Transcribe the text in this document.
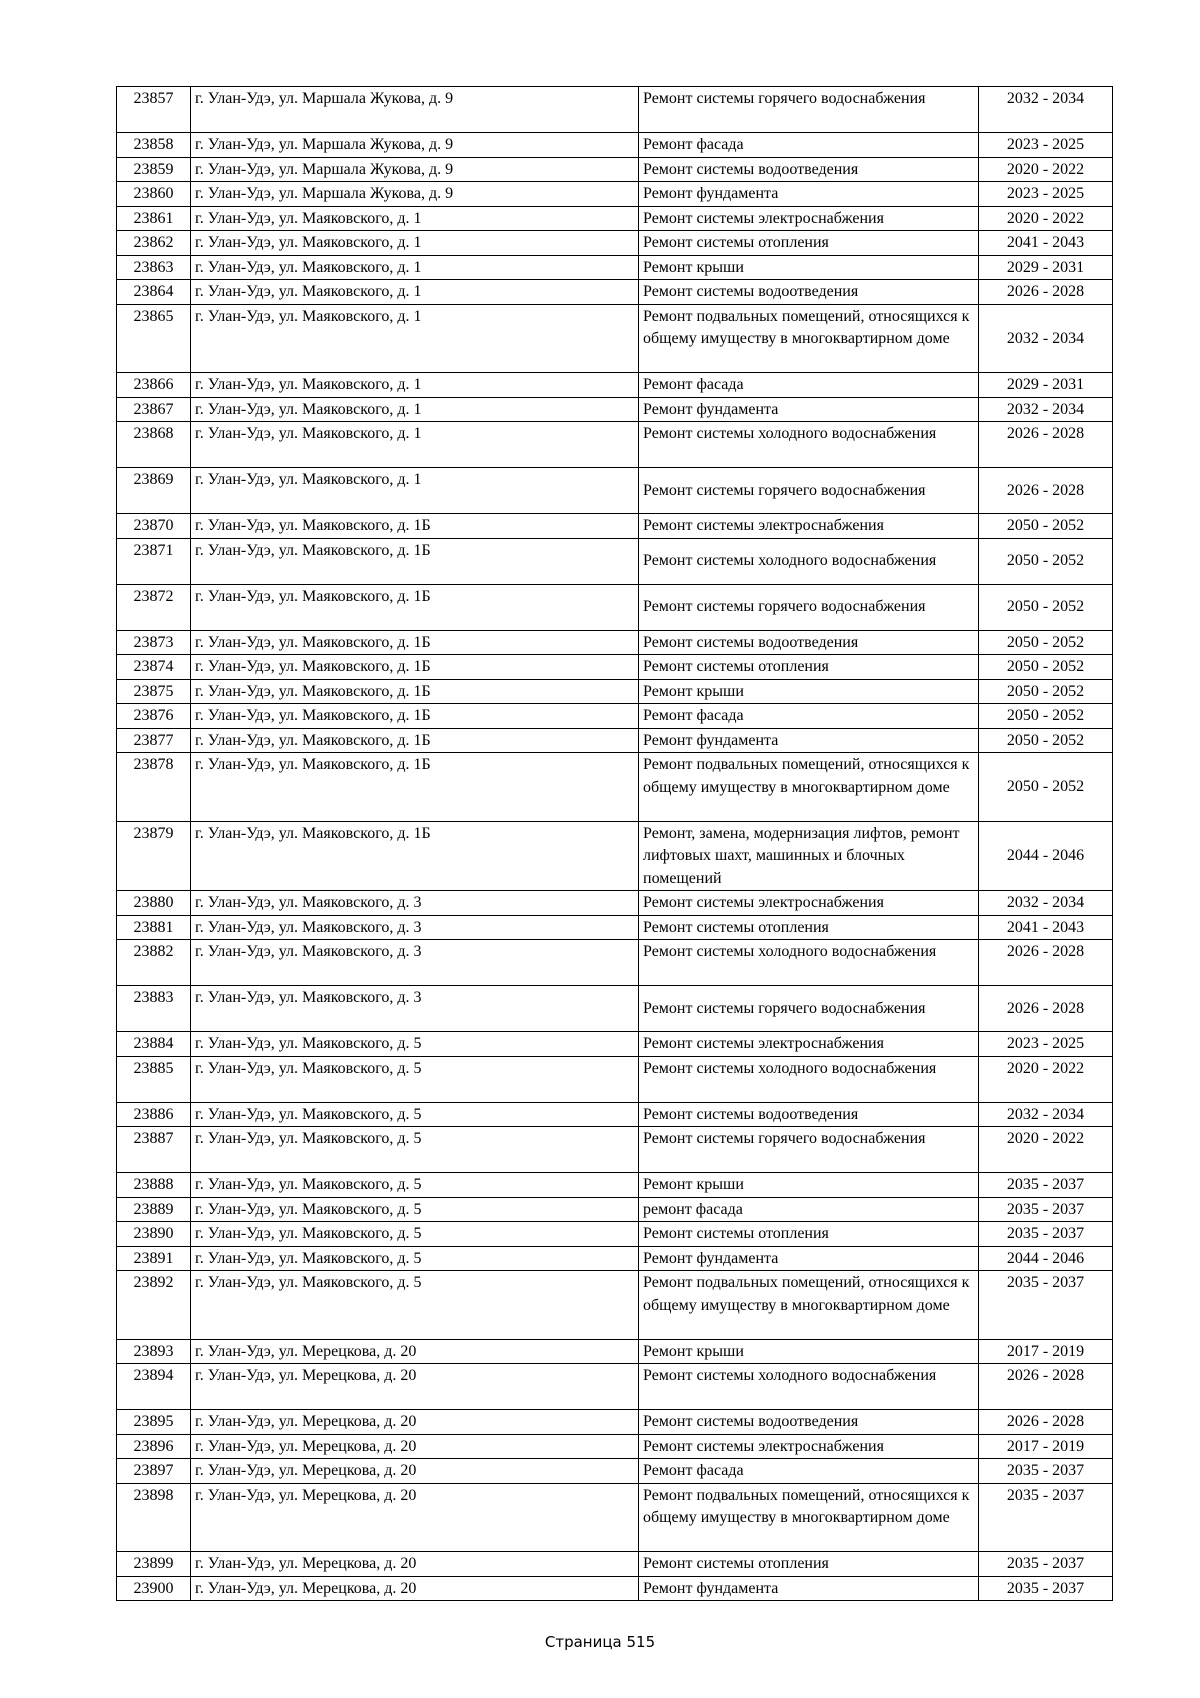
23857	г. Улан-Удэ, ул. Маршала Жукова, д. 9	Ремонт системы горячего водоснабжения	2032 - 2034
23858	г. Улан-Удэ, ул. Маршала Жукова, д. 9	Ремонт фасада	2023 - 2025
23859	г. Улан-Удэ, ул. Маршала Жукова, д. 9	Ремонт системы водоотведения	2020 - 2022
23860	г. Улан-Удэ, ул. Маршала Жукова, д. 9	Ремонт фундамента	2023 - 2025
23861	г. Улан-Удэ, ул. Маяковского, д. 1	Ремонт системы электроснабжения	2020 - 2022
23862	г. Улан-Удэ, ул. Маяковского, д. 1	Ремонт системы отопления	2041 - 2043
23863	г. Улан-Удэ, ул. Маяковского, д. 1	Ремонт крыши	2029 - 2031
23864	г. Улан-Удэ, ул. Маяковского, д. 1	Ремонт системы водоотведения	2026 - 2028
23865	г. Улан-Удэ, ул. Маяковского, д. 1	Ремонт подвальных помещений, относящихся к общему имуществу в многоквартирном доме	2032 - 2034
23866	г. Улан-Удэ, ул. Маяковского, д. 1	Ремонт фасада	2029 - 2031
23867	г. Улан-Удэ, ул. Маяковского, д. 1	Ремонт фундамента	2032 - 2034
23868	г. Улан-Удэ, ул. Маяковского, д. 1	Ремонт системы холодного водоснабжения	2026 - 2028
23869	г. Улан-Удэ, ул. Маяковского, д. 1	Ремонт системы горячего водоснабжения	2026 - 2028
23870	г. Улан-Удэ, ул. Маяковского, д. 1Б	Ремонт системы электроснабжения	2050 - 2052
23871	г. Улан-Удэ, ул. Маяковского, д. 1Б	Ремонт системы холодного водоснабжения	2050 - 2052
23872	г. Улан-Удэ, ул. Маяковского, д. 1Б	Ремонт системы горячего водоснабжения	2050 - 2052
23873	г. Улан-Удэ, ул. Маяковского, д. 1Б	Ремонт системы водоотведения	2050 - 2052
23874	г. Улан-Удэ, ул. Маяковского, д. 1Б	Ремонт системы отопления	2050 - 2052
23875	г. Улан-Удэ, ул. Маяковского, д. 1Б	Ремонт крыши	2050 - 2052
23876	г. Улан-Удэ, ул. Маяковского, д. 1Б	Ремонт фасада	2050 - 2052
23877	г. Улан-Удэ, ул. Маяковского, д. 1Б	Ремонт фундамента	2050 - 2052
23878	г. Улан-Удэ, ул. Маяковского, д. 1Б	Ремонт подвальных помещений, относящихся к общему имуществу в многоквартирном доме	2050 - 2052
23879	г. Улан-Удэ, ул. Маяковского, д. 1Б	Ремонт, замена, модернизация лифтов, ремонт лифтовых шахт, машинных и блочных помещений	2044 - 2046
23880	г. Улан-Удэ, ул. Маяковского, д. 3	Ремонт системы электроснабжения	2032 - 2034
23881	г. Улан-Удэ, ул. Маяковского, д. 3	Ремонт системы отопления	2041 - 2043
23882	г. Улан-Удэ, ул. Маяковского, д. 3	Ремонт системы холодного водоснабжения	2026 - 2028
23883	г. Улан-Удэ, ул. Маяковского, д. 3	Ремонт системы горячего водоснабжения	2026 - 2028
23884	г. Улан-Удэ, ул. Маяковского, д. 5	Ремонт системы электроснабжения	2023 - 2025
23885	г. Улан-Удэ, ул. Маяковского, д. 5	Ремонт системы холодного водоснабжения	2020 - 2022
23886	г. Улан-Удэ, ул. Маяковского, д. 5	Ремонт системы водоотведения	2032 - 2034
23887	г. Улан-Удэ, ул. Маяковского, д. 5	Ремонт системы горячего водоснабжения	2020 - 2022
23888	г. Улан-Удэ, ул. Маяковского, д. 5	Ремонт крыши	2035 - 2037
23889	г. Улан-Удэ, ул. Маяковского, д. 5	ремонт фасада	2035 - 2037
23890	г. Улан-Удэ, ул. Маяковского, д. 5	Ремонт системы отопления	2035 - 2037
23891	г. Улан-Удэ, ул. Маяковского, д. 5	Ремонт фундамента	2044 - 2046
23892	г. Улан-Удэ, ул. Маяковского, д. 5	Ремонт подвальных помещений, относящихся к общему имуществу в многоквартирном доме	2035 - 2037
23893	г. Улан-Удэ, ул. Мерецкова, д. 20	Ремонт крыши	2017 - 2019
23894	г. Улан-Удэ, ул. Мерецкова, д. 20	Ремонт системы холодного водоснабжения	2026 - 2028
23895	г. Улан-Удэ, ул. Мерецкова, д. 20	Ремонт системы водоотведения	2026 - 2028
23896	г. Улан-Удэ, ул. Мерецкова, д. 20	Ремонт системы электроснабжения	2017 - 2019
23897	г. Улан-Удэ, ул. Мерецкова, д. 20	Ремонт фасада	2035 - 2037
23898	г. Улан-Удэ, ул. Мерецкова, д. 20	Ремонт подвальных помещений, относящихся к общему имуществу в многоквартирном доме	2035 - 2037
23899	г. Улан-Удэ, ул. Мерецкова, д. 20	Ремонт системы отопления	2035 - 2037
23900	г. Улан-Удэ, ул. Мерецкова, д. 20	Ремонт фундамента	2035 - 2037
Страница 515
